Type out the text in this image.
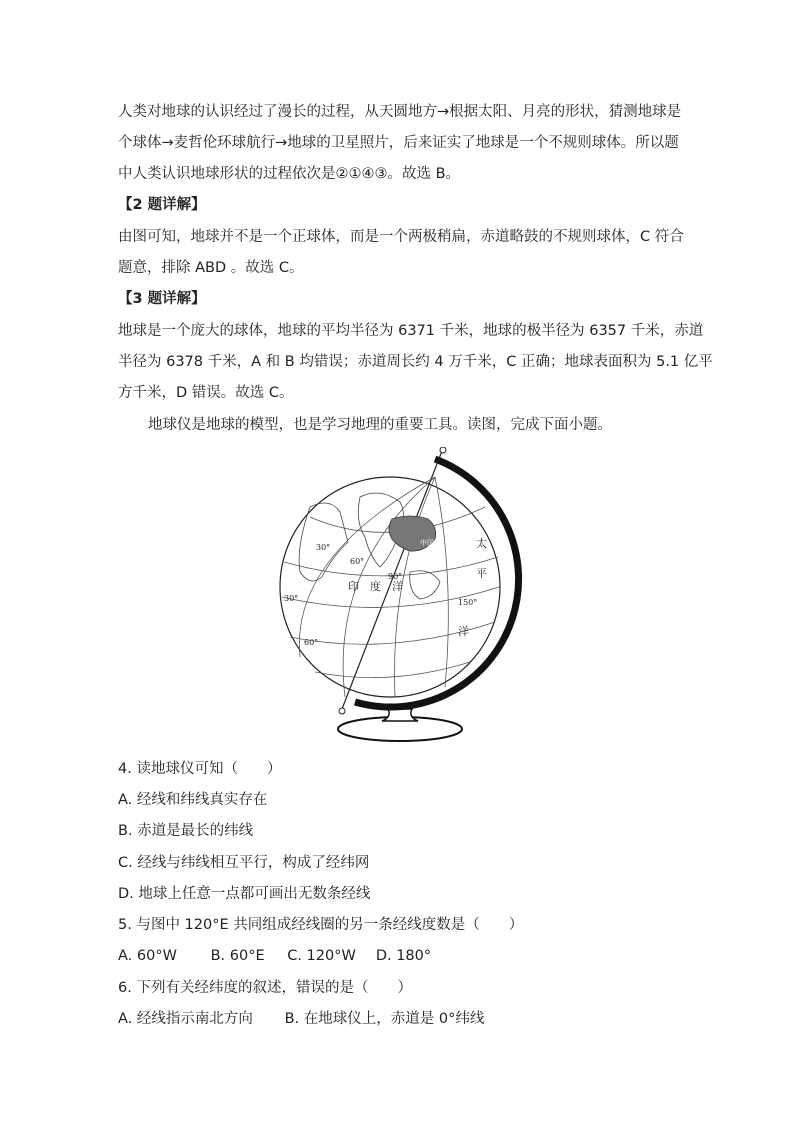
人类对地球的认识经过了漫长的过程，从天圆地方→根据太阳、月亮的形状，猜测地球是
个球体→麦哲伦环球航行→地球的卫星照片，后来证实了地球是一个不规则球体。所以题
中人类认识地球形状的过程依次是②①④③。故选 B。
【2 题详解】
由图可知，地球并不是一个正球体，而是一个两极稍扁，赤道略鼓的不规则球体，C 符合
题意，排除 ABD 。故选 C。
【3 题详解】
地球是一个庞大的球体，地球的平均半径为 6371 千米，地球的极半径为 6357 千米，赤道
半径为 6378 千米，A 和 B 均错误；赤道周长约 4 万千米，C 正确；地球表面积为 5.1 亿平
方千米，D 错误。故选 C。
地球仪是地球的模型，也是学习地理的重要工具。读图，完成下面小题。
中国	太
平
洋
印　度　洋
30°
60°
90°
30°
60°
150°
4. 读地球仪可知（　　）
A. 经线和纬线真实存在
B. 赤道是最长的纬线
C. 经线与纬线相互平行，构成了经纬网
D. 地球上任意一点都可画出无数条经线
5. 与图中 120°E 共同组成经线圈的另一条经线度数是（　　）
A. 60°W B. 60°E C. 120°W D. 180°
6. 下列有关经纬度的叙述，错误的是（　　）
A. 经线指示南北方向 B. 在地球仪上，赤道是 0°纬线
